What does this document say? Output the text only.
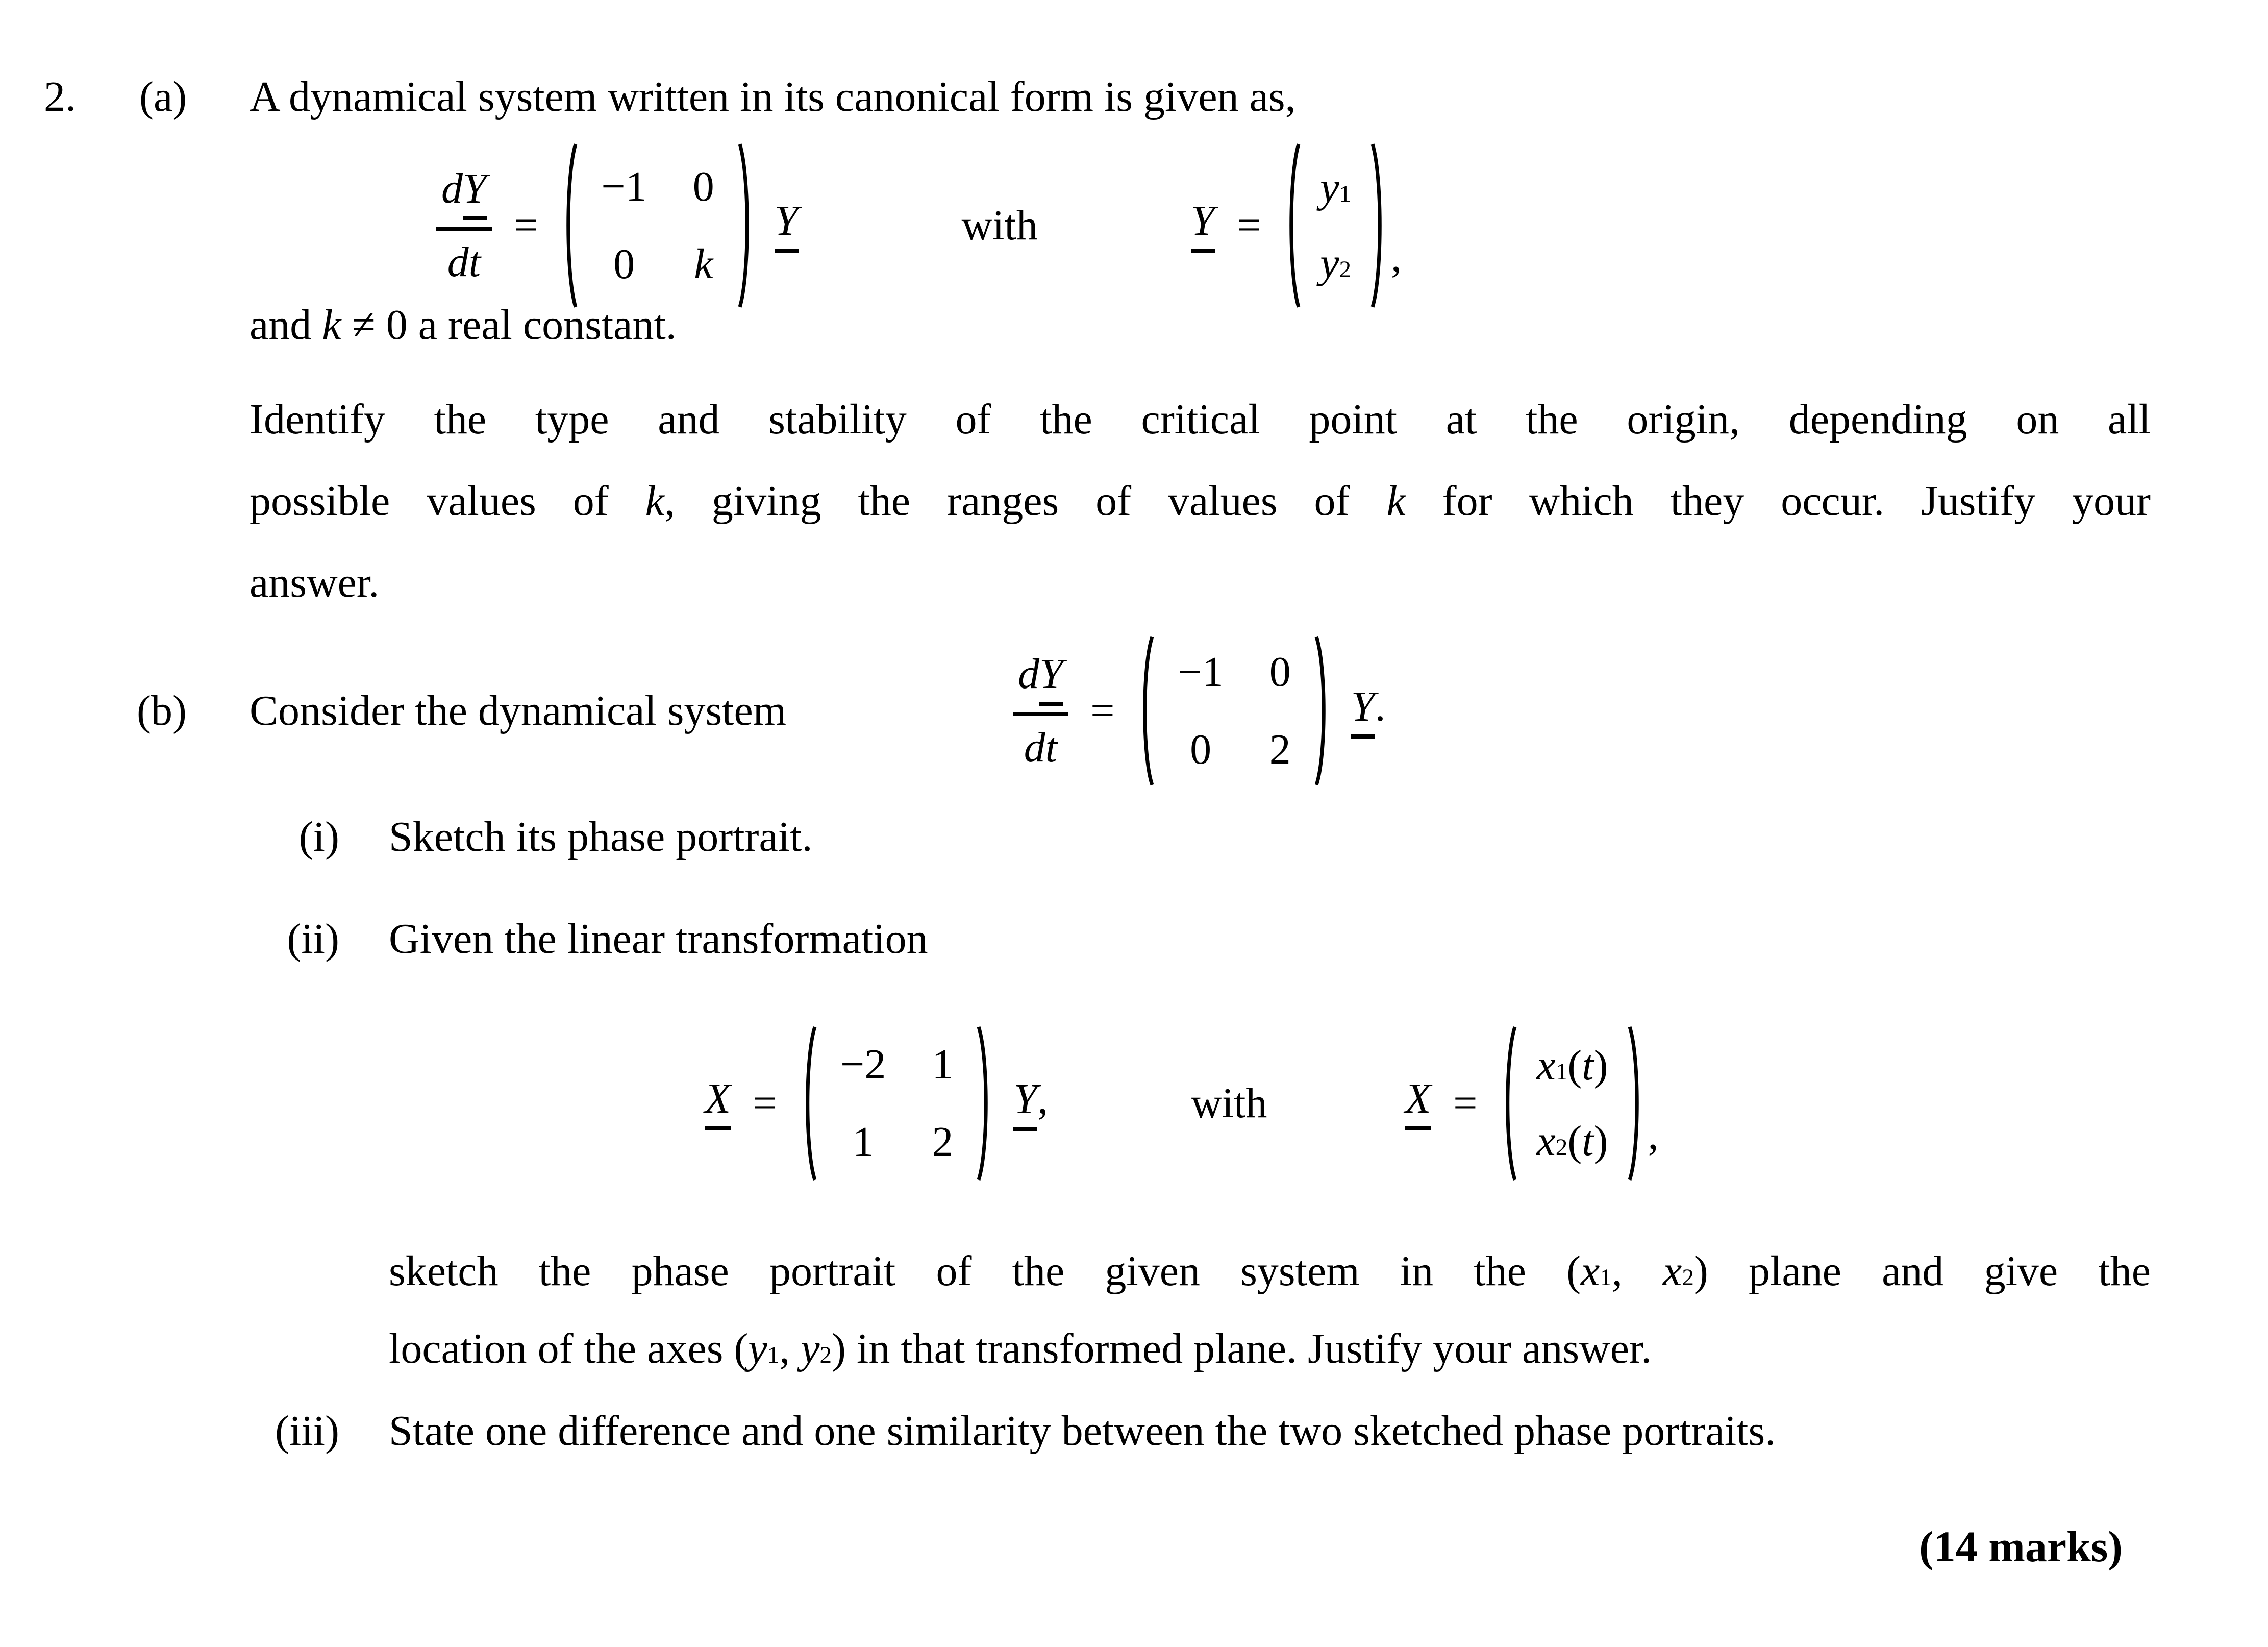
2.	(a)	A dynamical system written in its canonical form is given as,
dY
dt
=
−1 0
0 k
Y	with	Y =
$y_1$
$y_2$ ,
and k ≠ 0 a real constant.
Identify the type and stability of the critical point at the origin, depending on all
possible values of k, giving the ranges of values of k for which they occur. Justify your
answer.
(b)	Consider the dynamical system
dY
dt
=
−1 0
0 2
Y .
(i) Sketch its phase portrait.
(ii) Given the linear transformation
X =
−2 1
1 2
Y ,	with	X =
$x_1(t)$
$x_2(t)$ ,
sketch the phase portrait of the given system in the ($x_1$, $x_2$) plane and give the
location of the axes ($y_1$, $y_2$) in that transformed plane. Justify your answer.
(iii) State one difference and one similarity between the two sketched phase portraits.
(14 marks)
